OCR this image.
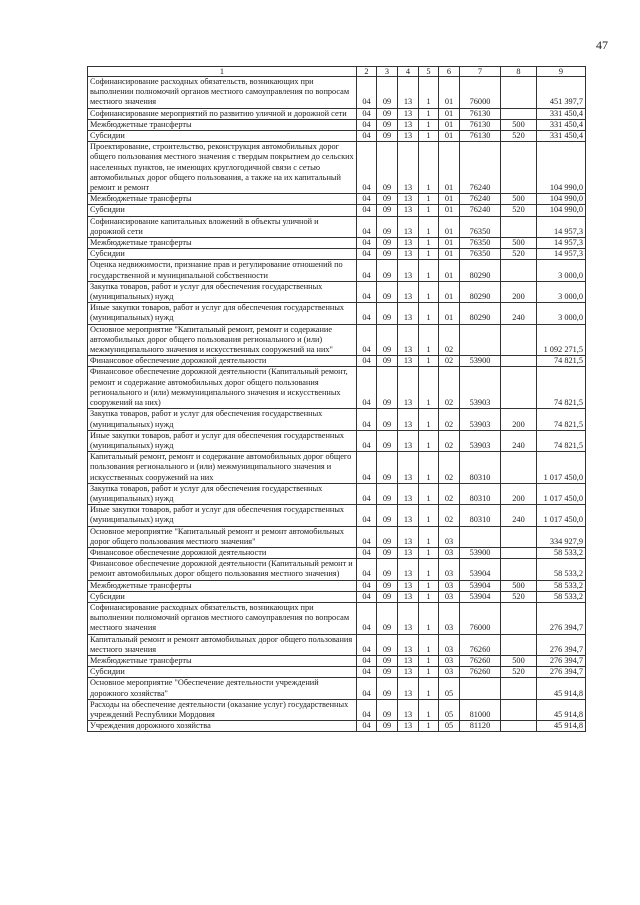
47
1	2	3	4	5	6	7	8	9
Софинансирование расходных обязательств, возникающих при выполнении полномочий органов местного самоуправления по вопросам местного значения	04	09	13	1	01	76000		451 397,7
Софинансирование мероприятий по развитию уличной и дорожной сети	04	09	13	1	01	76130		331 450,4
Межбюджетные трансферты	04	09	13	1	01	76130	500	331 450,4
Субсидии	04	09	13	1	01	76130	520	331 450,4
Проектирование, строительство, реконструкция автомобильных дорог общего пользования местного значения с твердым покрытием до сельских населенных пунктов, не имеющих круглогодичной связи с сетью автомобильных дорог общего пользования, а также на их капитальный ремонт и ремонт	04	09	13	1	01	76240		104 990,0
Межбюджетные трансферты	04	09	13	1	01	76240	500	104 990,0
Субсидии	04	09	13	1	01	76240	520	104 990,0
Софинансирование капитальных вложений в объекты уличной и дорожной сети	04	09	13	1	01	76350		14 957,3
Межбюджетные трансферты	04	09	13	1	01	76350	500	14 957,3
Субсидии	04	09	13	1	01	76350	520	14 957,3
Оценка недвижимости, признание прав и регулирование отношений по государственной и муниципальной собственности	04	09	13	1	01	80290		3 000,0
Закупка товаров, работ и услуг для обеспечения государственных (муниципальных) нужд	04	09	13	1	01	80290	200	3 000,0
Иные закупки товаров, работ и услуг для обеспечения государственных (муниципальных) нужд	04	09	13	1	01	80290	240	3 000,0
Основное мероприятие "Капитальный ремонт, ремонт и содержание автомобильных дорог общего пользования регионального и (или) межмуниципального значения и искусственных сооружений на них"	04	09	13	1	02			1 092 271,5
Финансовое обеспечение дорожной деятельности	04	09	13	1	02	53900		74 821,5
Финансовое обеспечение дорожной деятельности (Капитальный ремонт, ремонт и содержание автомобильных дорог общего пользования регионального и (или) межмуниципального значения и искусственных сооружений на них)	04	09	13	1	02	53903		74 821,5
Закупка товаров, работ и услуг для обеспечения государственных (муниципальных) нужд	04	09	13	1	02	53903	200	74 821,5
Иные закупки товаров, работ и услуг для обеспечения государственных (муниципальных) нужд	04	09	13	1	02	53903	240	74 821,5
Капитальный ремонт, ремонт и содержание автомобильных дорог общего пользования регионального и (или) межмуниципального значения и искусственных сооружений на них	04	09	13	1	02	80310		1 017 450,0
Закупка товаров, работ и услуг для обеспечения государственных (муниципальных) нужд	04	09	13	1	02	80310	200	1 017 450,0
Иные закупки товаров, работ и услуг для обеспечения государственных (муниципальных) нужд	04	09	13	1	02	80310	240	1 017 450,0
Основное мероприятие "Капитальный ремонт и ремонт автомобильных дорог общего пользования местного значения"	04	09	13	1	03			334 927,9
Финансовое обеспечение дорожной деятельности	04	09	13	1	03	53900		58 533,2
Финансовое обеспечение дорожной деятельности (Капитальный ремонт и ремонт автомобильных дорог общего пользования местного значения)	04	09	13	1	03	53904		58 533,2
Межбюджетные трансферты	04	09	13	1	03	53904	500	58 533,2
Субсидии	04	09	13	1	03	53904	520	58 533,2
Софинансирование расходных обязательств, возникающих при выполнении полномочий органов местного самоуправления по вопросам местного значения	04	09	13	1	03	76000		276 394,7
Капитальный ремонт и ремонт автомобильных дорог общего пользования местного значения	04	09	13	1	03	76260		276 394,7
Межбюджетные трансферты	04	09	13	1	03	76260	500	276 394,7
Субсидии	04	09	13	1	03	76260	520	276 394,7
Основное мероприятие "Обеспечение деятельности учреждений дорожного хозяйства"	04	09	13	1	05			45 914,8
Расходы на обеспечение деятельности (оказание услуг) государственных учреждений Республики Мордовия	04	09	13	1	05	81000		45 914,8
Учреждения дорожного хозяйства	04	09	13	1	05	81120		45 914,8
